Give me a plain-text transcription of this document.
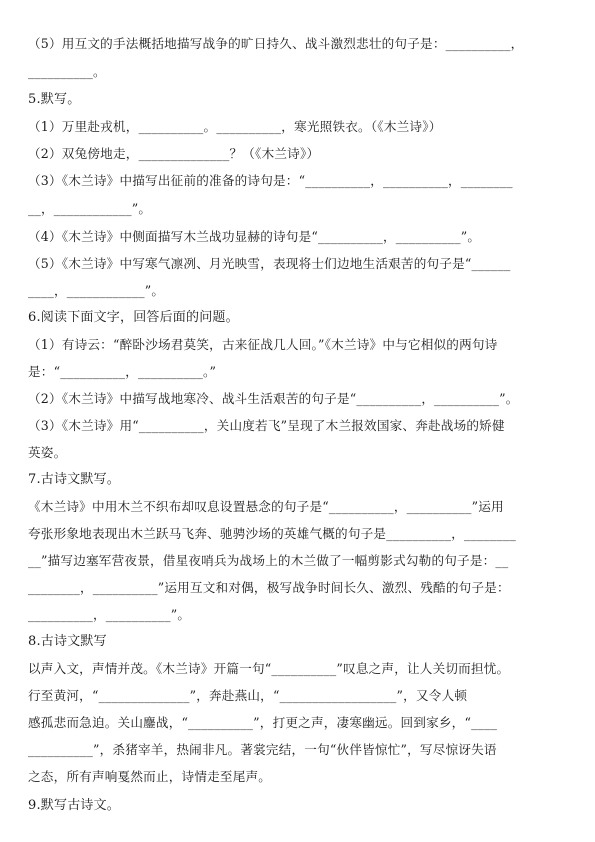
（5）用互文的手法概括地描写战争的旷日持久、战斗激烈悲壮的句子是：__________，
__________。
5.默写。
（1）万里赴戎机，__________。__________，寒光照铁衣。（《木兰诗》）
（2）双兔傍地走，______________？（《木兰诗》）
（3）《木兰诗》中描写出征前的准备的诗句是：“__________，__________，________
__，____________”。
（4）《木兰诗》中侧面描写木兰战功显赫的诗句是“__________，__________”。
（5）《木兰诗》中写寒气凛冽、月光映雪，表现将士们边地生活艰苦的句子是“______
____，____________”。
6.阅读下面文字，回答后面的问题。
（1）有诗云：“醉卧沙场君莫笑，古来征战几人回。”《木兰诗》中与它相似的两句诗
是：“__________，__________。”
（2）《木兰诗》中描写战地寒冷、战斗生活艰苦的句子是“__________，__________”。
（3）《木兰诗》用“__________，关山度若飞”呈现了木兰报效国家、奔赴战场的矫健
英姿。
7.古诗文默写。
《木兰诗》中用木兰不织布却叹息设置悬念的句子是“__________，__________”运用
夸张形象地表现出木兰跃马飞奔、驰骋沙场的英雄气概的句子是__________，________
__”描写边塞军营夜景，借星夜哨兵为战场上的木兰做了一幅剪影式勾勒的句子是：__
________，__________”运用互文和对偶，极写战争时间长久、激烈、残酷的句子是：
__________，__________”。
8.古诗文默写
以声入文，声情并茂。《木兰诗》开篇一句“__________”叹息之声，让人关切而担忧。
行至黄河，“______________”，奔赴燕山，“__________________”，又令人顿
感孤悲而急迫。关山鏖战，“__________”，打更之声，凄寒幽远。回到家乡，“____
__________”，杀猪宰羊，热闹非凡。著裳完结，一句“伙伴皆惊忙”，写尽惊讶失语
之态，所有声响戛然而止，诗情走至尾声。
9.默写古诗文。
